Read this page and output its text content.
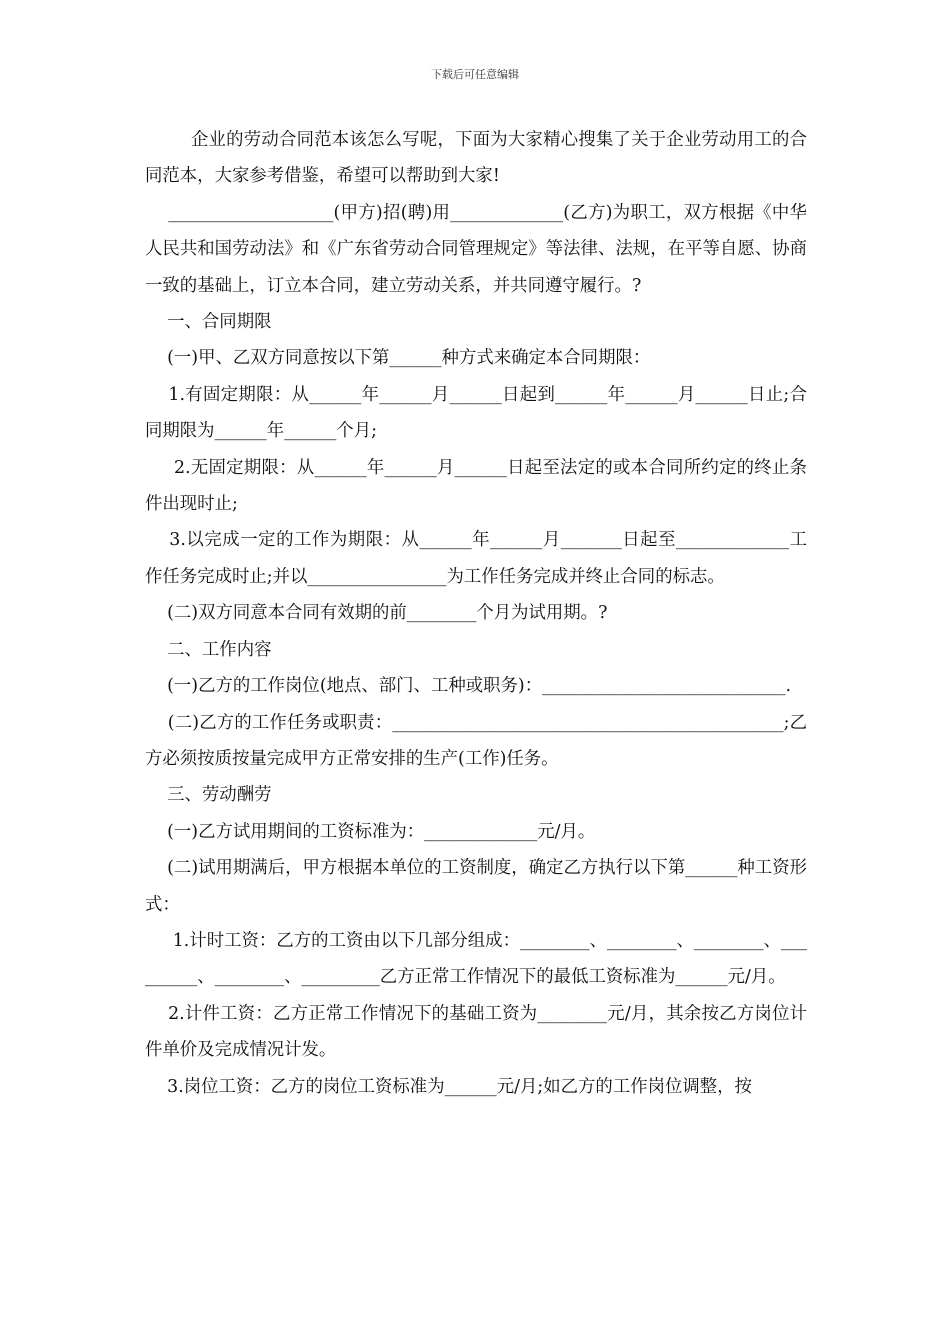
下载后可任意编辑

企业的劳动合同范本该怎么写呢，下面为大家精心搜集了关于企业劳动用工的合同范本，大家参考借鉴，希望可以帮助到大家!

___________________(甲方)招(聘)用_____________(乙方)为职工，双方根据《中华人民共和国劳动法》和《广东省劳动合同管理规定》等法律、法规，在平等自愿、协商一致的基础上，订立本合同，建立劳动关系，并共同遵守履行。?

一、合同期限

(一)甲、乙双方同意按以下第______种方式来确定本合同期限：

1.有固定期限：从______年______月______日起到______年______月______日止;合同期限为______年______个月;

2.无固定期限：从______年______月______日起至法定的或本合同所约定的终止条件出现时止;

3.以完成一定的工作为期限：从______年______月_______日起至_____________工作任务完成时止;并以________________为工作任务完成并终止合同的标志。

(二)双方同意本合同有效期的前________个月为试用期。?

二、工作内容

(一)乙方的工作岗位(地点、部门、工种或职务)：____________________________.

(二)乙方的工作任务或职责：_____________________________________________;乙方必须按质按量完成甲方正常安排的生产(工作)任务。

三、劳动酬劳

(一)乙方试用期间的工资标准为：_____________元/月。

(二)试用期满后，甲方根据本单位的工资制度，确定乙方执行以下第______种工资形式：

1.计时工资：乙方的工资由以下几部分组成：________、________、________、_________、________、_________乙方正常工作情况下的最低工资标准为______元/月。

2.计件工资：乙方正常工作情况下的基础工资为________元/月，其余按乙方岗位计件单价及完成情况计发。

3.岗位工资：乙方的岗位工资标准为______元/月;如乙方的工作岗位调整，按
